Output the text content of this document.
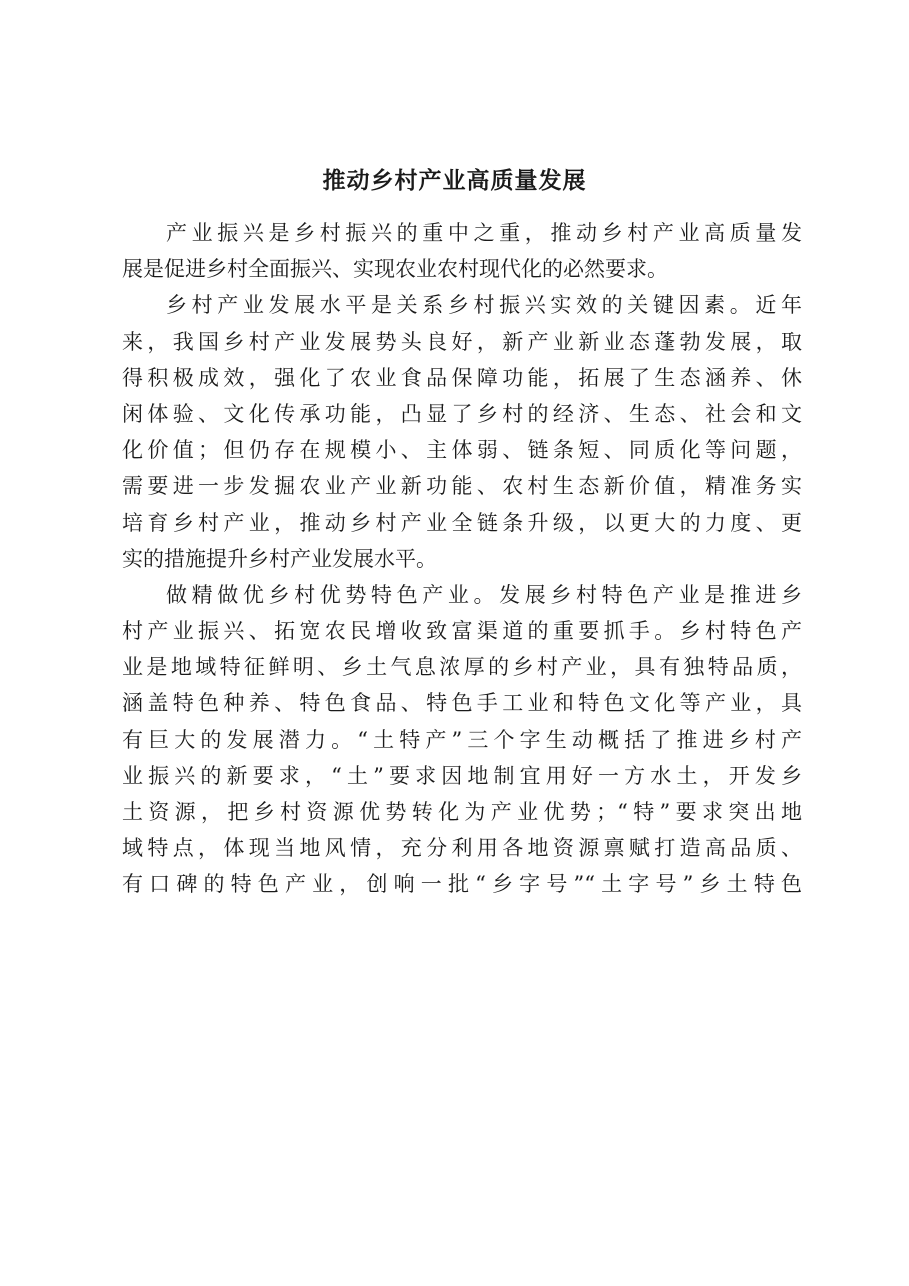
推动乡村产业高质量发展
产业振兴是乡村振兴的重中之重，推动乡村产业高质量发
展是促进乡村全面振兴、实现农业农村现代化的必然要求。
乡村产业发展水平是关系乡村振兴实效的关键因素。近年
来，我国乡村产业发展势头良好，新产业新业态蓬勃发展，取
得积极成效，强化了农业食品保障功能，拓展了生态涵养、休
闲体验、文化传承功能，凸显了乡村的经济、生态、社会和文
化价值；但仍存在规模小、主体弱、链条短、同质化等问题，
需要进一步发掘农业产业新功能、农村生态新价值，精准务实
培育乡村产业，推动乡村产业全链条升级，以更大的力度、更
实的措施提升乡村产业发展水平。
做精做优乡村优势特色产业。发展乡村特色产业是推进乡
村产业振兴、拓宽农民增收致富渠道的重要抓手。乡村特色产
业是地域特征鲜明、乡土气息浓厚的乡村产业，具有独特品质，
涵盖特色种养、特色食品、特色手工业和特色文化等产业，具
有巨大的发展潜力。“土特产”三个字生动概括了推进乡村产
业振兴的新要求，“土”要求因地制宜用好一方水土，开发乡
土资源，把乡村资源优势转化为产业优势；“特”要求突出地
域特点，体现当地风情，充分利用各地资源禀赋打造高品质、
有口碑的特色产业，创响一批“乡字号”“土字号”乡土特色
